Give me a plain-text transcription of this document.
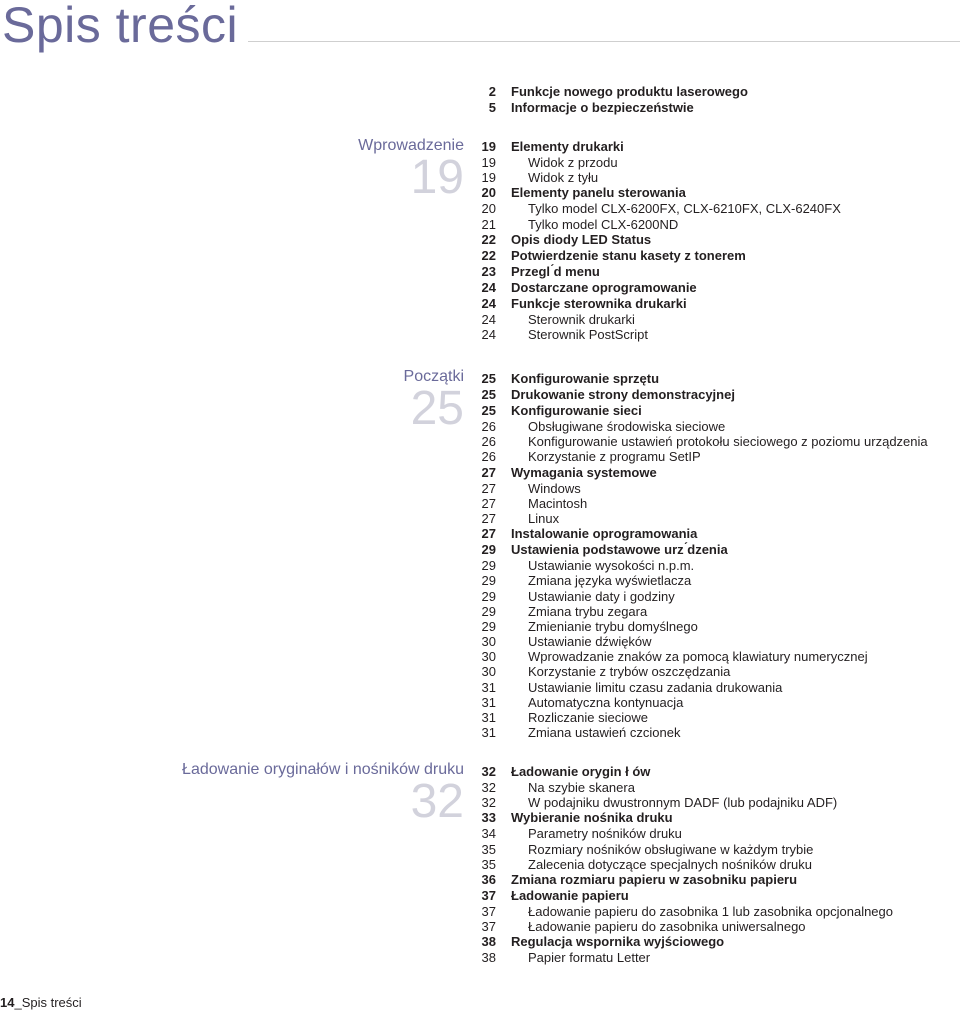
Spis treści
2 Funkcje nowego produktu laserowego
5 Informacje o bezpieczeństwie
Wprowadzenie
19
19 Elementy drukarki
19 Widok z przodu
19 Widok z tyłu
20 Elementy panelu sterowania
20 Tylko model CLX-6200FX, CLX-6210FX, CLX-6240FX
21 Tylko model CLX-6200ND
22 Opis diody LED Status
22 Potwierdzenie stanu kasety z tonerem
23 Przegl ́d menu
24 Dostarczane oprogramowanie
24 Funkcje sterownika drukarki
24 Sterownik drukarki
24 Sterownik PostScript
Początki
25
25 Konfigurowanie sprzętu
25 Drukowanie strony demonstracyjnej
25 Konfigurowanie sieci
26 Obsługiwane środowiska sieciowe
26 Konfigurowanie ustawień protokołu sieciowego z poziomu urządzenia
26 Korzystanie z programu SetIP
27 Wymagania systemowe
27 Windows
27 Macintosh
27 Linux
27 Instalowanie oprogramowania
29 Ustawienia podstawowe urz ́dzenia
29 Ustawianie wysokości n.p.m.
29 Zmiana języka wyświetlacza
29 Ustawianie daty i godziny
29 Zmiana trybu zegara
29 Zmienianie trybu domyślnego
30 Ustawianie dźwięków
30 Wprowadzanie znaków za pomocą klawiatury numerycznej
30 Korzystanie z trybów oszczędzania
31 Ustawianie limitu czasu zadania drukowania
31 Automatyczna kontynuacja
31 Rozliczanie sieciowe
31 Zmiana ustawień czcionek
Ładowanie oryginałów i nośników druku
32
32 Ładowanie orygin ł ów
32 Na szybie skanera
32 W podajniku dwustronnym DADF (lub podajniku ADF)
33 Wybieranie nośnika druku
34 Parametry nośników druku
35 Rozmiary nośników obsługiwane w każdym trybie
35 Zalecenia dotyczące specjalnych nośników druku
36 Zmiana rozmiaru papieru w zasobniku papieru
37 Ładowanie papieru
37 Ładowanie papieru do zasobnika 1 lub zasobnika opcjonalnego
37 Ładowanie papieru do zasobnika uniwersalnego
38 Regulacja wspornika wyjściowego
38 Papier formatu Letter
14_Spis treści
